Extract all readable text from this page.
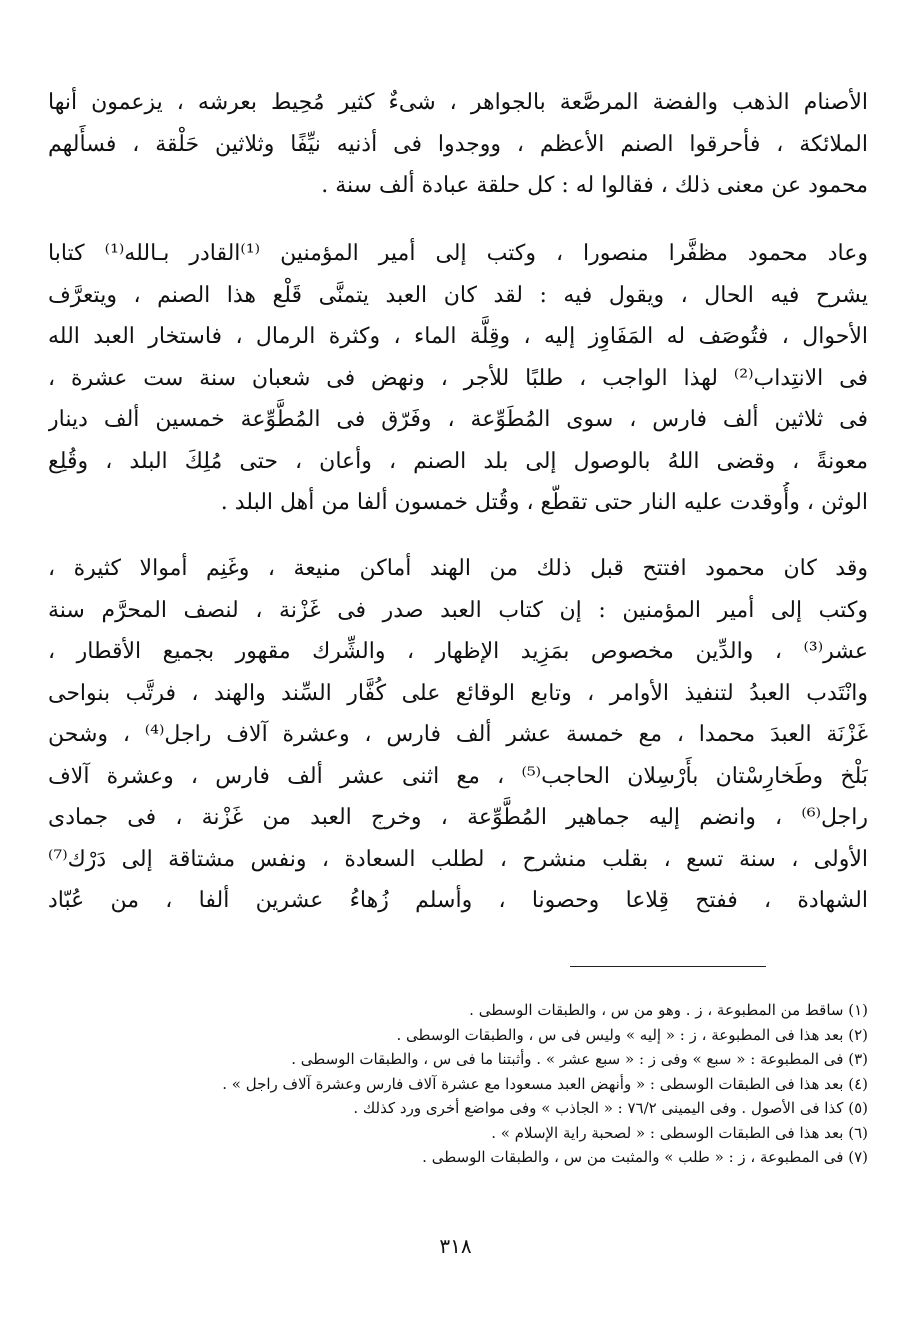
الأصنام الذهب والفضة المرصَّعة بالجواهر ، شىءٌ كثير مُحِيط بعرشه ، يزعمون أنها
الملائكة ، فأحرقوا الصنم الأعظم ، ووجدوا فى أذنيه نيِّفًا وثلاثين حَلْقة ، فسأَلهم
محمود عن معنى ذلك ، فقالوا له : كل حلقة عبادة ألف سنة .
وعاد محمود مظفَّرا منصورا ، وكتب إلى أمير المؤمنين ⁽¹⁾القادر بـالله⁽¹⁾ كتابا
يشرح فيه الحال ، ويقول فيه : لقد كان العبد يتمنَّى قَلْع هذا الصنم ، ويتعرَّف
الأحوال ، فتُوصَف له المَفَاوِز إليه ، وقِلَّة الماء ، وكثرة الرمال ، فاستخار العبد الله
فى الانتِداب⁽²⁾ لهذا الواجب ، طلبًا للأجر ، ونهض فى شعبان سنة ست عشرة ،
فى ثلاثين ألف فارس ، سوى المُطَوِّعة ، وفَرّق فى المُطَّوِّعة خمسين ألف دينار
معونةً ، وقضى اللهُ بالوصول إلى بلد الصنم ، وأعان ، حتى مُلِكَ البلد ، وقُلِع
الوثن ، وأُوقدت عليه النار حتى تقطّع ، وقُتل خمسون ألفا من أهل البلد .
وقد كان محمود افتتح قبل ذلك من الهند أماكن منيعة ، وغَنِم أموالا كثيرة ،
وكتب إلى أمير المؤمنين : إن كتاب العبد صدر فى غَزْنة ، لنصف المحرَّم سنة
عشر⁽³⁾ ، والدِّين مخصوص بمَزِيد الإظهار ، والشِّرك مقهور بجميع الأقطار ،
وانْتَدب العبدُ لتنفيذ الأوامر ، وتابع الوقائع على كُفَّار السِّند والهند ، فرتَّب بنواحى
غَزْنَة العبدَ محمدا ، مع خمسة عشر ألف فارس ، وعشرة آلاف راجل⁽⁴⁾ ، وشحن
بَلْخ وطَخارِسْتان بأَرْسِلان الحاجب⁽⁵⁾ ، مع اثنى عشر ألف فارس ، وعشرة آلاف
راجل⁽⁶⁾ ، وانضم إليه جماهير المُطَّوِّعة ، وخرج العبد من غَزْنة ، فى جمادى
الأولى ، سنة تسع ، بقلب منشرح ، لطلب السعادة ، ونفس مشتاقة إلى دَرْك⁽⁷⁾
الشهادة ، ففتح قِلاعا وحصونا ، وأسلم زُهاءُ عشرين ألفا ، من عُبّاد
(١) ساقط من المطبوعة ، ز . وهو من س ، والطبقات الوسطى .
(٢) بعد هذا فى المطبوعة ، ز : « إليه » وليس فى س ، والطبقات الوسطى .
(٣) فى المطبوعة : « سبع » وفى ز : « سبع عشر » . وأثبتنا ما فى س ، والطبقات الوسطى .
(٤) بعد هذا فى الطبقات الوسطى : « وأنهض العبد مسعودا مع عشرة آلاف فارس وعشرة آلاف راجل » .
(٥) كذا فى الأصول . وفى اليمينى ٧٦/٢ : « الجاذب » وفى مواضع أخرى ورد كذلك .
(٦) بعد هذا فى الطبقات الوسطى : « لصحبة راية الإسلام » .
(٧) فى المطبوعة ، ز : « طلب » والمثبت من س ، والطبقات الوسطى .
٣١٨
